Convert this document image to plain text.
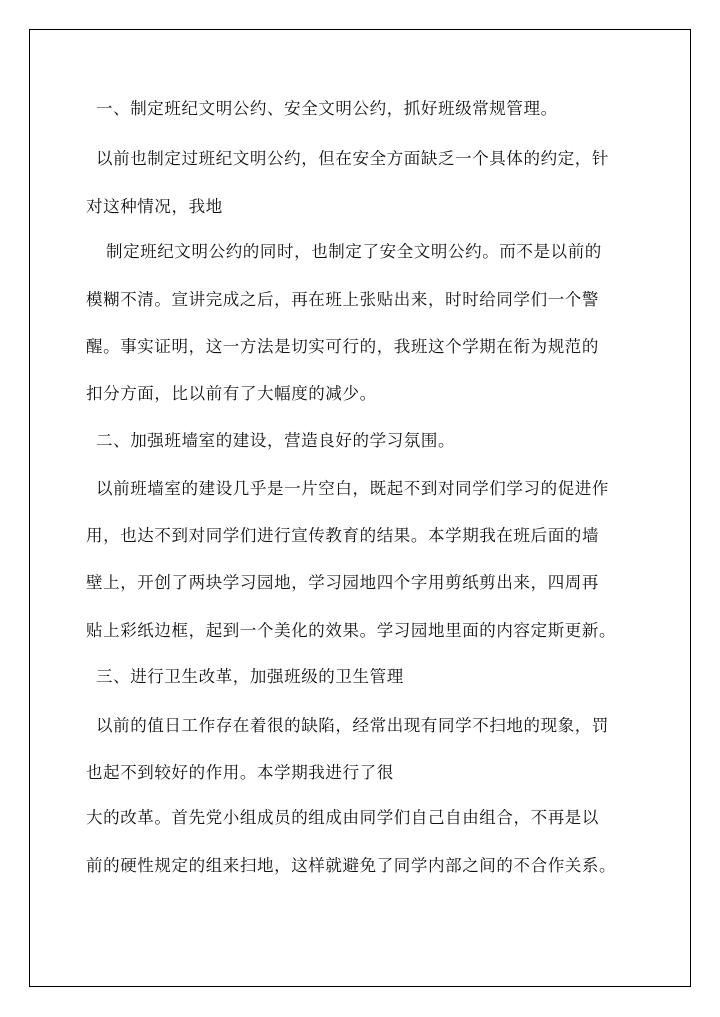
一、制定班纪文明公约、安全文明公约，抓好班级常规管理。
以前也制定过班纪文明公约，但在安全方面缺乏一个具体的约定，针
对这种情况，我地
制定班纪文明公约的同时，也制定了安全文明公约。而不是以前的
模糊不清。宣讲完成之后，再在班上张贴出来，时时给同学们一个警
醒。事实证明，这一方法是切实可行的，我班这个学期在衔为规范的
扣分方面，比以前有了大幅度的减少。
二、加强班墙室的建设，营造良好的学习氛围。
以前班墙室的建设几乎是一片空白，既起不到对同学们学习的促进作
用，也达不到对同学们进行宣传教育的结果。本学期我在班后面的墙
壁上，开创了两块学习园地，学习园地四个字用剪纸剪出来，四周再
贴上彩纸边框，起到一个美化的效果。学习园地里面的内容定斯更新。
三、进行卫生改革，加强班级的卫生管理
以前的值日工作存在着很的缺陷，经常出现有同学不扫地的现象，罚
也起不到较好的作用。本学期我进行了很
大的改革。首先党小组成员的组成由同学们自己自由组合，不再是以
前的硬性规定的组来扫地，这样就避免了同学内部之间的不合作关系。
